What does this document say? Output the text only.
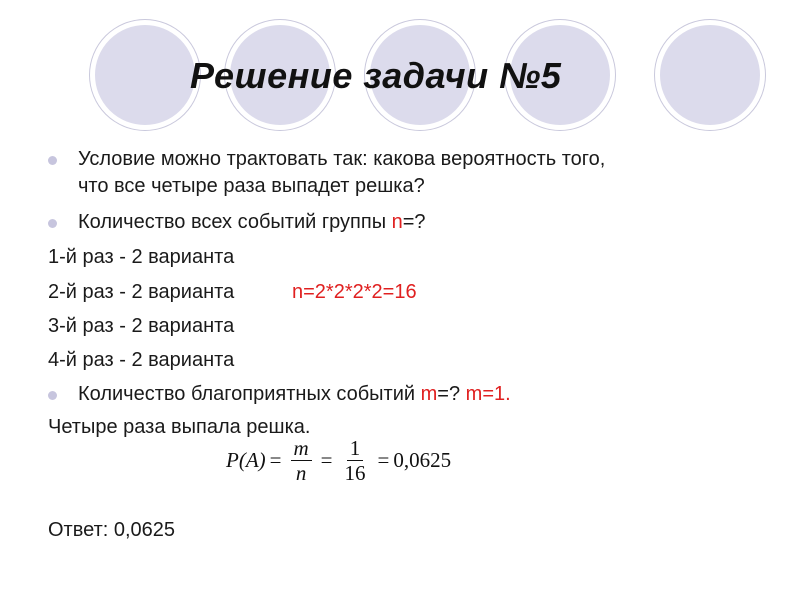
Решение задачи №5
Условие можно трактовать так: какова вероятность того,
что все четыре раза выпадет решка?
Количество всех событий группы n=?
1-й раз - 2 варианта
2-й раз - 2 варианта	n=2*2*2*2=16
3-й раз - 2 варианта
4-й раз - 2 варианта
Количество благоприятных событий m=? m=1.
Четыре раза выпала решка.
$P(A) = \frac{m}{n} = \frac{1}{16} = 0,0625$
Ответ: 0,0625
